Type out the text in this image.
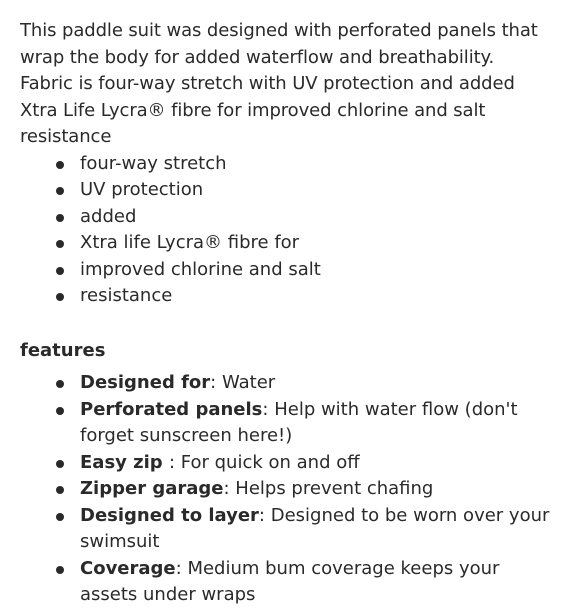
This paddle suit was designed with perforated panels that wrap the body for added waterflow and breathability. Fabric is four-way stretch with UV protection and added Xtra Life Lycra® fibre for improved chlorine and salt resistance

four-way stretch
UV protection
added
Xtra life Lycra® fibre for
improved chlorine and salt
resistance
features
Designed for: Water
Perforated panels: Help with water flow (don't forget sunscreen here!)
Easy zip : For quick on and off
Zipper garage: Helps prevent chafing
Designed to layer: Designed to be worn over your swimsuit
Coverage: Medium bum coverage keeps your assets under wraps
